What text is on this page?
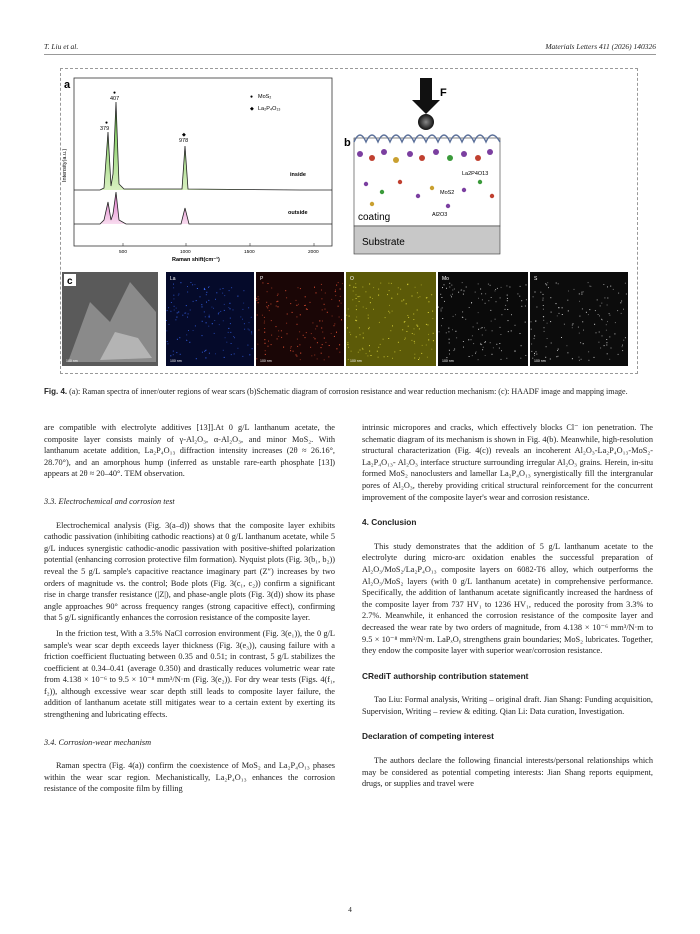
T. Liu et al.	Materials Letters 411 (2026) 140326
a
Intensity(a.u.)
379
407
978
●
●
◆
● MoS₂
◆ La₂P₄O₁₃
inside
outside
500	1000	1500	2000
Raman shift(cm⁻¹)
b
F
La2P4O13
MoS2
Al2O3
coating
Substrate
c	La	P	O	Mo	S
100 nm	100 nm	100 nm	100 nm	100 nm	100 nm
Fig. 4. (a): Raman spectra of inner/outer regions of wear scars (b)Schematic diagram of corrosion resistance and wear reduction mechanism: (c): HAADF image and mapping image.

are compatible with electrolyte additives [13]].At 0 g/L lanthanum acetate, the composite layer consists mainly of γ-Al₂O₃, α-Al₂O₃, and minor MoS₂. With lanthanum acetate addition, La₂P₄O₁₃ diffraction intensity increases (2θ ≈ 26.16°, 28.70°), and an amorphous hump (inferred as unstable rare-earth phosphate [13]) appears at 2θ ≈ 20–40°. TEM observation.

3.3. Electrochemical and corrosion test

Electrochemical analysis (Fig. 3(a–d)) shows that the composite layer exhibits cathodic passivation (inhibiting cathodic reactions) at 0 g/L lanthanum acetate, while 5 g/L induces synergistic cathodic-anodic passivation with positive-shifted polarization potential (enhancing corrosion protective film formation). Nyquist plots (Fig. 3(b₁, b₂)) reveal the 5 g/L sample's capacitive reactance imaginary part (Z″) increases by two orders of magnitude vs. the control; Bode plots (Fig. 3(c₁, c₂)) confirm a significant rise in charge transfer resistance (|Z|), and phase-angle plots (Fig. 3(d)) show its phase angle approaches 90° across frequency ranges (strong capacitive effect), confirming that 5 g/L significantly enhances the corrosion resistance of the composite layer.

In the friction test, With a 3.5% NaCl corrosion environment (Fig. 3(e₁)), the 0 g/L sample's wear scar depth exceeds layer thickness (Fig. 3(e₃)), causing failure with a friction coefficient fluctuating between 0.35 and 0.51; in contrast, 5 g/L stabilizes the coefficient at 0.34–0.41 (average 0.350) and drastically reduces volumetric wear rate from 4.138 × 10⁻⁶ to 9.5 × 10⁻⁸ mm³/N·m (Fig. 3(e₂)). For dry wear tests (Figs. 4(f₁, f₂)), although excessive wear scar depth still leads to composite layer failure, the addition of lanthanum acetate still mitigates wear to a certain extent by exerting its strengthening and lubricating effects.

3.4. Corrosion-wear mechanism

Raman spectra (Fig. 4(a)) confirm the coexistence of MoS₂ and La₂P₄O₁₃ phases within the wear scar region. Mechanistically, La₂P₄O₁₃ enhances the corrosion resistance of the composite film by filling

intrinsic micropores and cracks, which effectively blocks Cl⁻ ion penetration. The schematic diagram of its mechanism is shown in Fig. 4(b). Meanwhile, high-resolution structural characterization (Fig. 4(c)) reveals an incoherent Al₂O₃-La₂P₄O₁₃-MoS₂-La₂P₄O₁₃- Al₂O₃ interface structure surrounding irregular Al₂O₃ grains. Herein, in-situ formed MoS₂ nanoclusters and lamellar La₂P₄O₁₃ synergistically fill the intergranular pores of Al₂O₃, thereby providing critical structural reinforcement for the concurrent improvement of the composite layer's wear and corrosion resistance.

4. Conclusion

This study demonstrates that the addition of 5 g/L lanthanum acetate to the electrolyte during micro-arc oxidation enables the successful preparation of Al₂O₃/MoS₂/La₂P₄O₁₃ composite layers on 6082-T6 alloy, which outperforms the Al₂O₃/MoS₂ layers (with 0 g/L lanthanum acetate) in comprehensive performance. Specifically, the addition of lanthanum acetate significantly increased the hardness of the composite layer from 737 HV₁ to 1236 HV₁, reduced the porosity from 3.3% to 2.7%. Meanwhile, it enhanced the corrosion resistance of the composite layer and decreased the wear rate by two orders of magnitude, from 4.138 × 10⁻⁶ mm³/N·m to 9.5 × 10⁻⁸ mm³/N·m. LaPₓOᵧ strengthens grain boundaries; MoS₂ lubricates. Together, they endow the composite layer with superior wear/corrosion resistance.

CRediT authorship contribution statement

Tao Liu: Formal analysis, Writing – original draft. Jian Shang: Funding acquisition, Supervision, Writing – review & editing. Qian Li: Data curation, Investigation.

Declaration of competing interest

The authors declare the following financial interests/personal relationships which may be considered as potential competing interests: Jian Shang reports equipment, drugs, or supplies and travel were

4
